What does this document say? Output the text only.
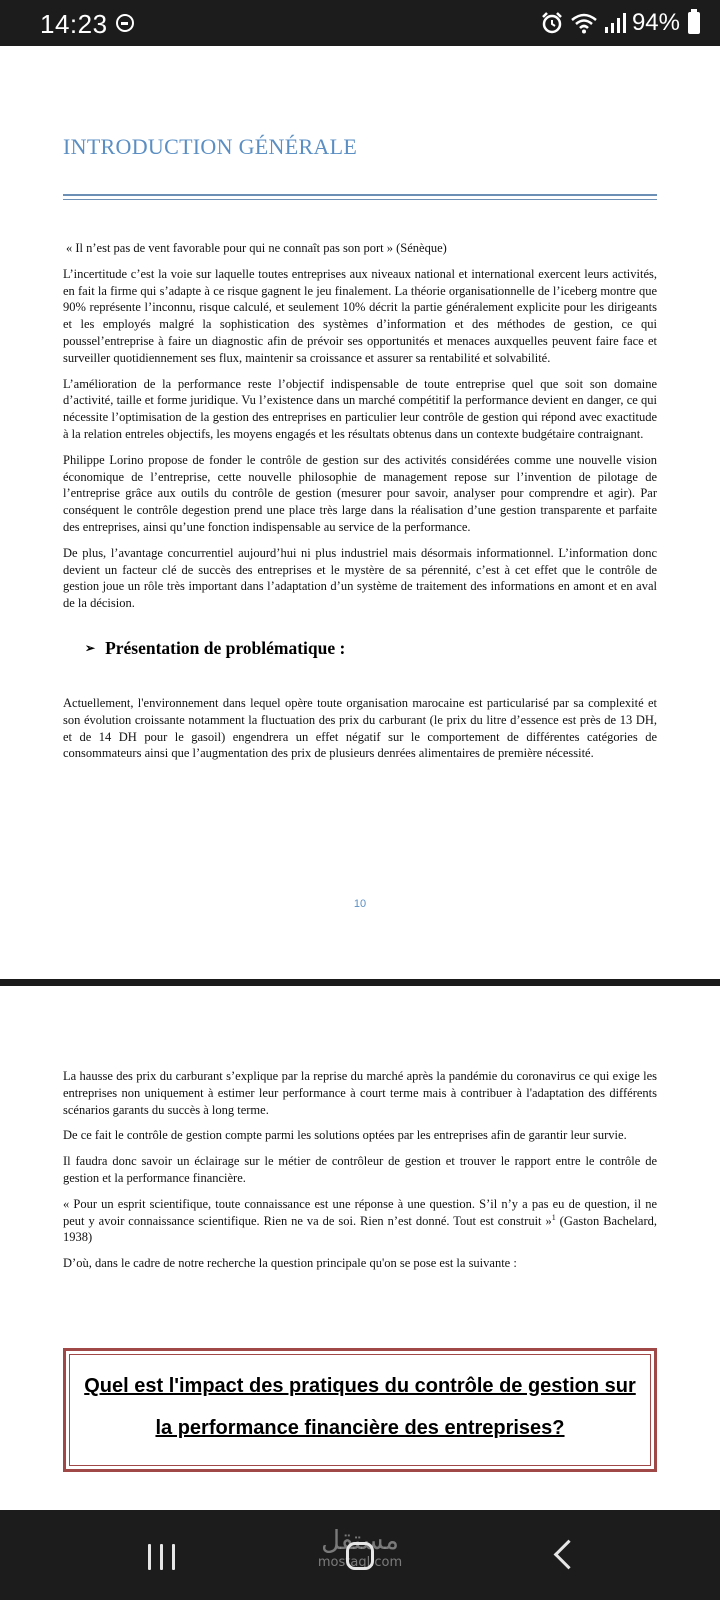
14:23	94%
INTRODUCTION GÉNÉRALE

« Il n’est pas de vent favorable pour qui ne connaît pas son port » (Sénèque)

L’incertitude c’est la voie sur laquelle toutes entreprises aux niveaux national et international exercent leurs activités, en fait la firme qui s’adapte à ce risque gagnent le jeu finalement. La théorie organisationnelle de l’iceberg montre que 90% représente l’inconnu, risque calculé, et seulement 10% décrit la partie généralement explicite pour les dirigeants et les employés malgré la sophistication des systèmes d’information et des méthodes de gestion, ce qui poussel’entreprise à faire un diagnostic afin de prévoir ses opportunités et menaces auxquelles peuvent faire face et surveiller quotidiennement ses flux, maintenir sa croissance et assurer sa rentabilité et solvabilité.

L’amélioration de la performance reste l’objectif indispensable de toute entreprise quel que soit son domaine d’activité, taille et forme juridique. Vu l’existence dans un marché compétitif la performance devient en danger, ce qui nécessite l’optimisation de la gestion des entreprises en particulier leur contrôle de gestion qui répond avec exactitude à la relation entreles objectifs, les moyens engagés et les résultats obtenus dans un contexte budgétaire contraignant.

Philippe Lorino propose de fonder le contrôle de gestion sur des activités considérées comme une nouvelle vision économique de l’entreprise, cette nouvelle philosophie de management repose sur l’invention de pilotage de l’entreprise grâce aux outils du contrôle de gestion (mesurer pour savoir, analyser pour comprendre et agir). Par conséquent le contrôle degestion prend une place très large dans la réalisation d’une gestion transparente et parfaite des entreprises, ainsi qu’une fonction indispensable au service de la performance.

De plus, l’avantage concurrentiel aujourd’hui ni plus industriel mais désormais informationnel. L’information donc devient un facteur clé de succès des entreprises et le mystère de sa pérennité, c’est à cet effet que le contrôle de gestion joue un rôle très important dans l’adaptation d’un système de traitement des informations en amont et en aval de la décision.

➢ Présentation de problématique :

Actuellement, l'environnement dans lequel opère toute organisation marocaine est particularisé par sa complexité et son évolution croissante notamment la fluctuation des prix du carburant (le prix du litre d’essence est près de 13 DH, et de 14 DH pour le gasoil) engendrera un effet négatif sur le comportement de différentes catégories de consommateurs ainsi que l’augmentation des prix de plusieurs denrées alimentaires de première nécessité.

10

La hausse des prix du carburant s’explique par la reprise du marché après la pandémie du coronavirus ce qui exige les entreprises non uniquement à estimer leur performance à court terme mais à contribuer à l'adaptation des différents scénarios garants du succès à long terme.

De ce fait le contrôle de gestion compte parmi les solutions optées par les entreprises afin de garantir leur survie.

Il faudra donc savoir un éclairage sur le métier de contrôleur de gestion et trouver le rapport entre le contrôle de gestion et la performance financière.

« Pour un esprit scientifique, toute connaissance est une réponse à une question. S’il n’y a pas eu de question, il ne peut y avoir connaissance scientifique. Rien ne va de soi. Rien n’est donné. Tout est construit »$^1$ (Gaston Bachelard, 1938)

D’où, dans le cadre de notre recherche la question principale qu'on se pose est la suivante :

Quel est l'impact des pratiques du contrôle de gestion sur
la performance financière des entreprises?
مستقل
mostaql.com
